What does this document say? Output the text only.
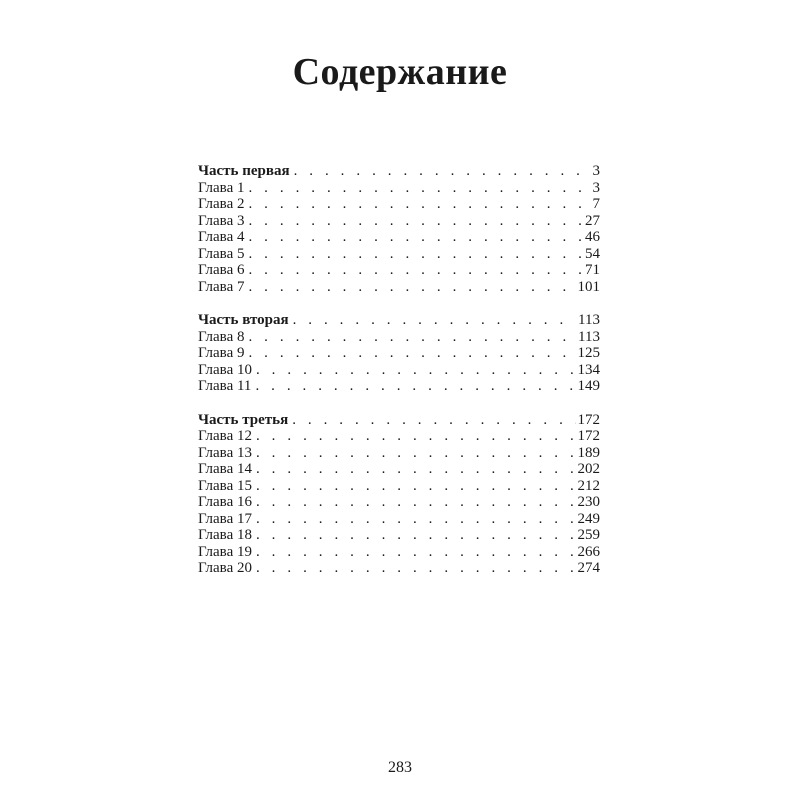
Содержание
Часть первая . . .	3
Глава 1 . . .	3
Глава 2 . . .	7
Глава 3 . . .	27
Глава 4 . . .	46
Глава 5 . . .	54
Глава 6 . . .	71
Глава 7 . . .	101
Часть вторая . . .	113
Глава 8 . . .	113
Глава 9 . . .	125
Глава 10 . . .	134
Глава 11 . . .	149
Часть третья . . .	172
Глава 12 . . .	172
Глава 13 . . .	189
Глава 14 . . .	202
Глава 15 . . .	212
Глава 16 . . .	230
Глава 17 . . .	249
Глава 18 . . .	259
Глава 19 . . .	266
Глава 20 . . .	274
283
